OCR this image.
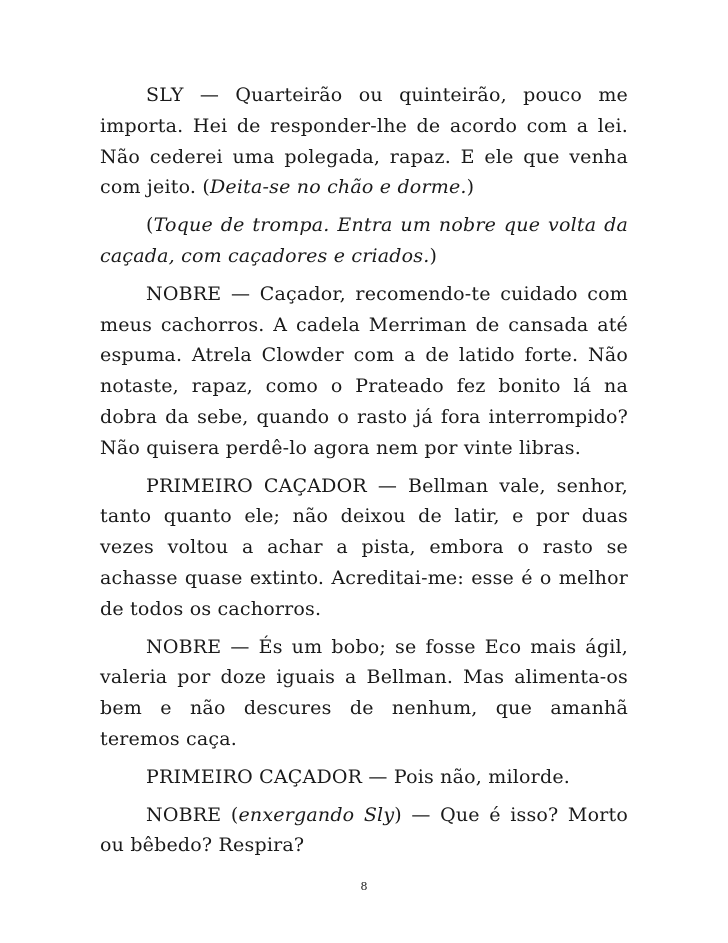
SLY — Quarteirão ou quinteirão, pouco me importa. Hei de responder-lhe de acordo com a lei. Não cederei uma polegada, rapaz. E ele que venha com jeito. (Deita-se no chão e dorme.)

(Toque de trompa. Entra um nobre que volta da caçada, com caçadores e criados.)

NOBRE — Caçador, recomendo-te cuidado com meus cachorros. A cadela Merriman de cansada até espuma. Atrela Clowder com a de latido forte. Não notaste, rapaz, como o Prateado fez bonito lá na dobra da sebe, quando o rasto já fora interrompido? Não quisera perdê-lo agora nem por vinte libras.

PRIMEIRO CAÇADOR — Bellman vale, senhor, tanto quanto ele; não deixou de latir, e por duas vezes voltou a achar a pista, embora o rasto se achasse quase extinto. Acreditai-me: esse é o melhor de todos os cachorros.

NOBRE — És um bobo; se fosse Eco mais ágil, valeria por doze iguais a Bellman. Mas alimenta-os bem e não descures de nenhum, que amanhã teremos caça.

PRIMEIRO CAÇADOR — Pois não, milorde.

NOBRE (enxergando Sly) — Que é isso? Morto ou bêbedo? Respira?

8
